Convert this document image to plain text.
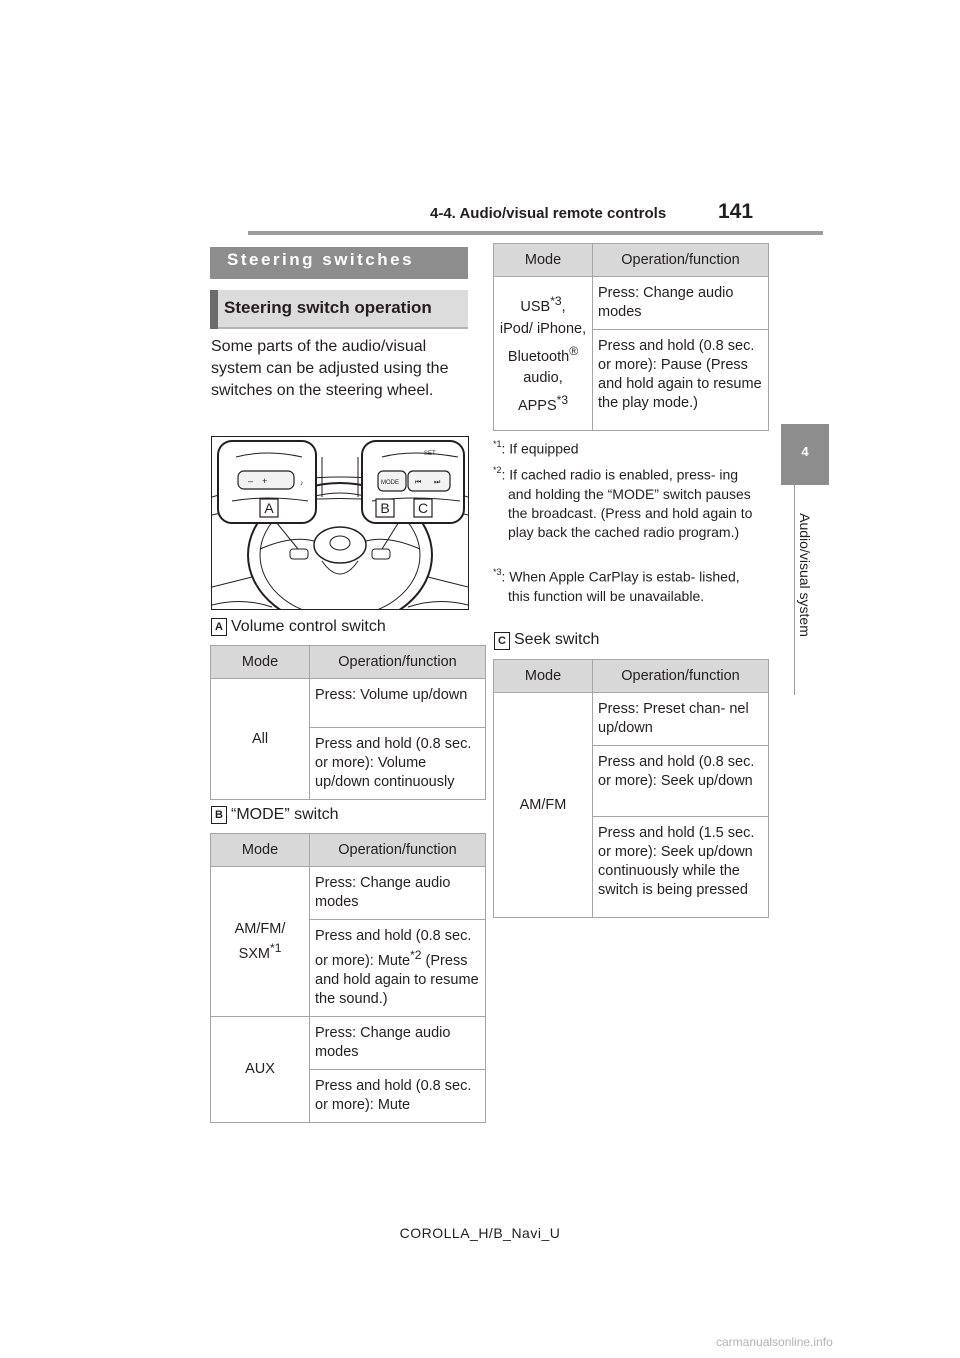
4-4. Audio/visual remote controls 141
4
Audio/visual system
Steering switches
Steering switch operation
Some parts of the audio/visual system can be adjusted using the switches on the steering wheel.
– +	♪	MODE ⏮ ⏭
SET
A	B C
A Volume control switch
Mode	Operation/function
All	Press: Volume up/down
	Press and hold (0.8 sec. or more): Volume up/down continuously
B “MODE” switch
Mode	Operation/function
AM/FM/ SXM$^{*1}$	Press: Change audio modes
	Press and hold (0.8 sec. or more): Mute$^{*2}$ (Press and hold again to resume the sound.)
AUX	Press: Change audio modes
	Press and hold (0.8 sec. or more): Mute
Mode	Operation/function
USB$^{*3}$,
iPod/ iPhone,
Bluetooth® audio,
APPS$^{*3}$	Press: Change audio modes
	Press and hold (0.8 sec. or more): Pause (Press and hold again to resume the play mode.)
$^{*1}$: If equipped
$^{*2}$: If cached radio is enabled, press- ing and holding the “MODE” switch pauses the broadcast. (Press and hold again to play back the cached radio program.)
$^{*3}$: When Apple CarPlay is estab- lished, this function will be unavailable.
C Seek switch
Mode	Operation/function
AM/FM	Press: Preset chan- nel up/down
	Press and hold (0.8 sec. or more): Seek up/down
	Press and hold (1.5 sec. or more): Seek up/down continuously while the switch is being pressed
COROLLA_H/B_Navi_U
carmanualsonline.info
